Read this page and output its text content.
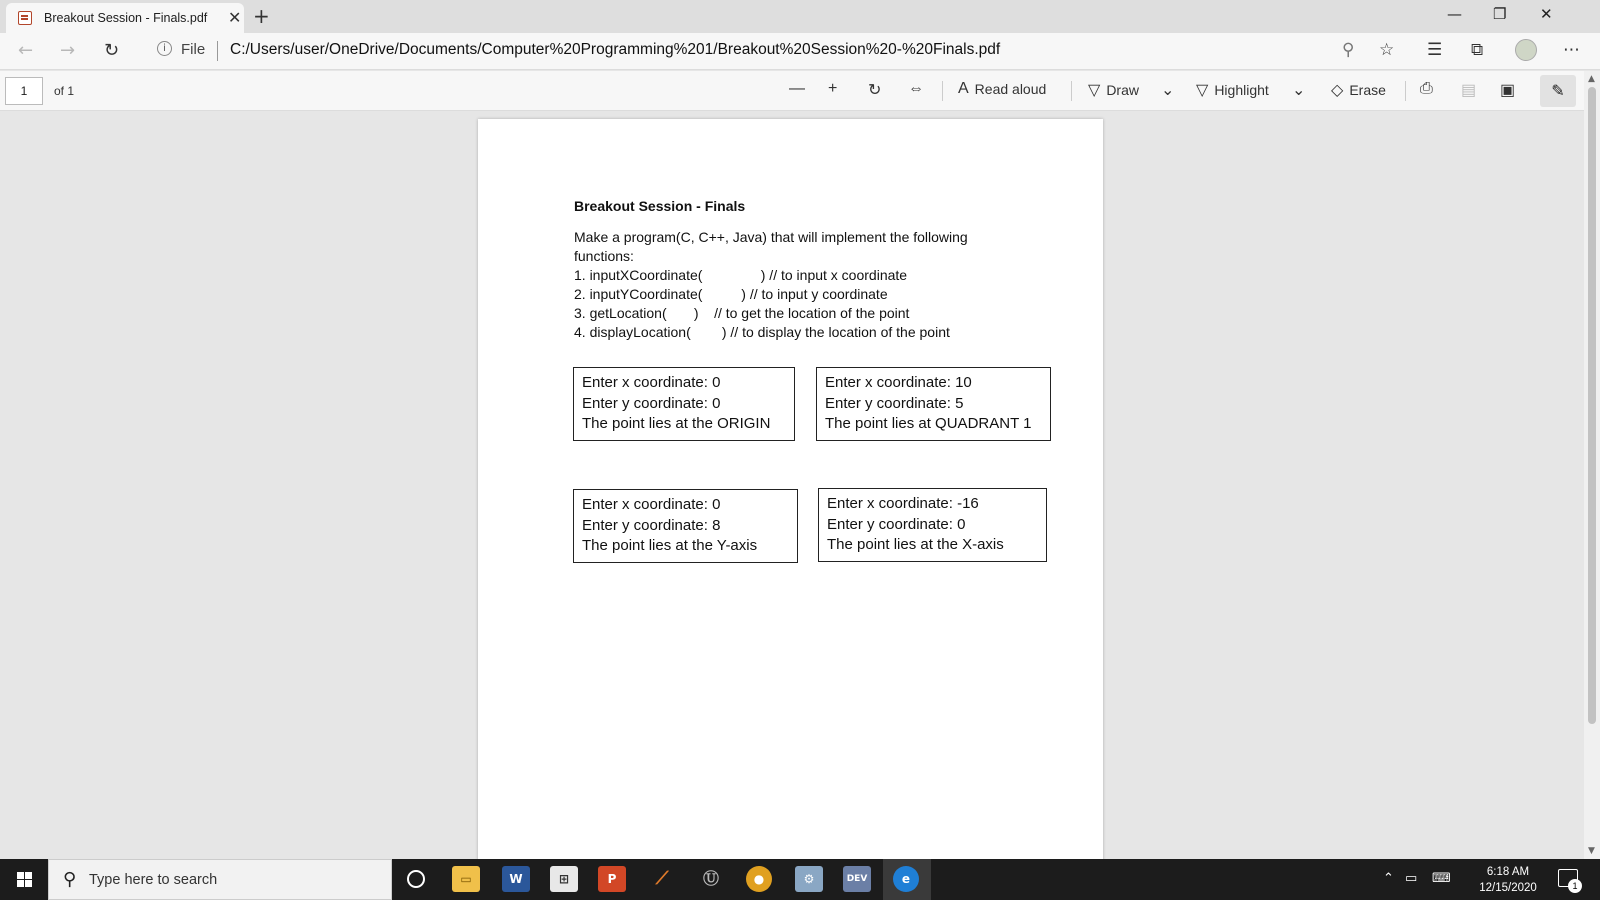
Breakout Session - Finals.pdf ✕ +	— ❐ ✕
← → ↻	i	File C:/Users/user/OneDrive/Documents/Computer%20Programming%201/Breakout%20Session%20-%20Finals.pdf	⚲ ☆ ☰ ⧉	⋯
1	of 1	— + ↻ ⇔ A Read aloud	▽ Draw ⌄ ▽ Highlight ⌄ ◇ Erase ⎙ ▤ ▣	✎
Breakout Session - Finals
Make a program(C, C++, Java) that will implement the following
functions:
1. inputXCoordinate(               ) // to input x coordinate
2. inputYCoordinate(          ) // to input y coordinate
3. getLocation(       )    // to get the location of the point
4. displayLocation(        ) // to display the location of the point
Enter x coordinate: 0
Enter y coordinate: 0
The point lies at the ORIGIN
Enter x coordinate: 10
Enter y coordinate: 5
The point lies at QUADRANT 1
Enter x coordinate: 0
Enter y coordinate: 8
The point lies at the Y-axis
Enter x coordinate: -16
Enter y coordinate: 0
The point lies at the X-axis
▲
▼
⚲ Type here to search	▭	W	⊞	P	⟋	Ⓤ	●	⚙	DEV	e	⌃ ▭ ⌨	6:18 AM
12/15/2020	1
